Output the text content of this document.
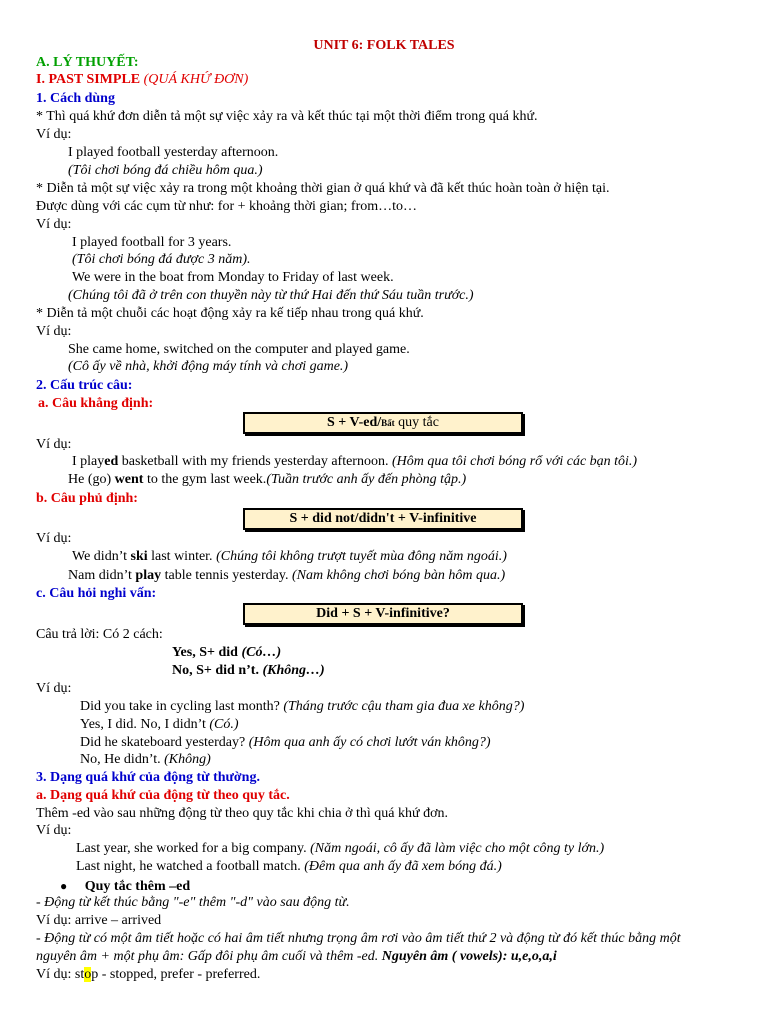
UNIT 6: FOLK TALES
A. LÝ THUYẾT:
I. PAST SIMPLE (QUÁ KHỨ ĐƠN)
1. Cách dùng
* Thì quá khứ đơn diễn tả một sự việc xảy ra và kết thúc tại một thời điểm trong quá khứ.
Ví dụ:
I played football yesterday afternoon.
(Tôi chơi bóng đá chiều hôm qua.)
* Diễn tả một sự việc xảy ra trong một khoảng thời gian ở quá khứ và đã kết thúc hoàn toàn ở hiện tại.
Được dùng với các cụm từ như: for + khoảng thời gian; from…to…
Ví dụ:
I played football for 3 years.
(Tôi chơi bóng đá được 3 năm).
We were in the boat from Monday to Friday of last week.
(Chúng tôi đã ở trên con thuyền này từ thứ Hai đến thứ Sáu tuần trước.)
* Diễn tả một chuỗi các hoạt động xảy ra kế tiếp nhau trong quá khứ.
Ví dụ:
She came home, switched on the computer and played game.
(Cô ấy về nhà, khởi động máy tính và chơi game.)
2. Cấu trúc câu:
a. Câu khẳng định:
S + V-ed/Bất quy tắc
Ví dụ:
I played basketball with my friends yesterday afternoon. (Hôm qua tôi chơi bóng rổ với các bạn tôi.)
He (go) went to the gym last week.(Tuần trước anh ấy đến phòng tập.)
b. Câu phủ định:
S + did not/didn't + V-infinitive
Ví dụ:
We didn’t ski last winter. (Chúng tôi không trượt tuyết mùa đông năm ngoái.)
Nam didn’t play table tennis yesterday. (Nam không chơi bóng bàn hôm qua.)
c. Câu hỏi nghi vấn:
Did + S + V-infinitive?
Câu trả lời: Có 2 cách:
Yes, S+ did (Có…)
No, S+ did n’t. (Không…)
Ví dụ:
Did you take in cycling last month? (Tháng trước cậu tham gia đua xe không?)
Yes, I did. No, I didn’t (Có.)
Did he skateboard yesterday? (Hôm qua anh ấy có chơi lướt ván không?)
No, He didn’t. (Không)
3. Dạng quá khứ của động từ thường.
a. Dạng quá khứ của động từ theo quy tắc.
Thêm -ed vào sau những động từ theo quy tắc khi chia ở thì quá khứ đơn.
Ví dụ:
Last year, she worked for a big company. (Năm ngoái, cô ấy đã làm việc cho một công ty lớn.)
Last night, he watched a football match. (Đêm qua anh ấy đã xem bóng đá.)
● Quy tắc thêm –ed
- Động từ kết thúc bằng "-e" thêm "-d" vào sau động từ.
Ví dụ: arrive – arrived
- Động từ có một âm tiết hoặc có hai âm tiết nhưng trọng âm rơi vào âm tiết thứ 2 và động từ đó kết thúc bằng một
nguyên âm + một phụ âm: Gấp đôi phụ âm cuối và thêm -ed. Nguyên âm ( vowels): u,e,o,a,i
Ví dụ: stop - stopped, prefer - preferred.
